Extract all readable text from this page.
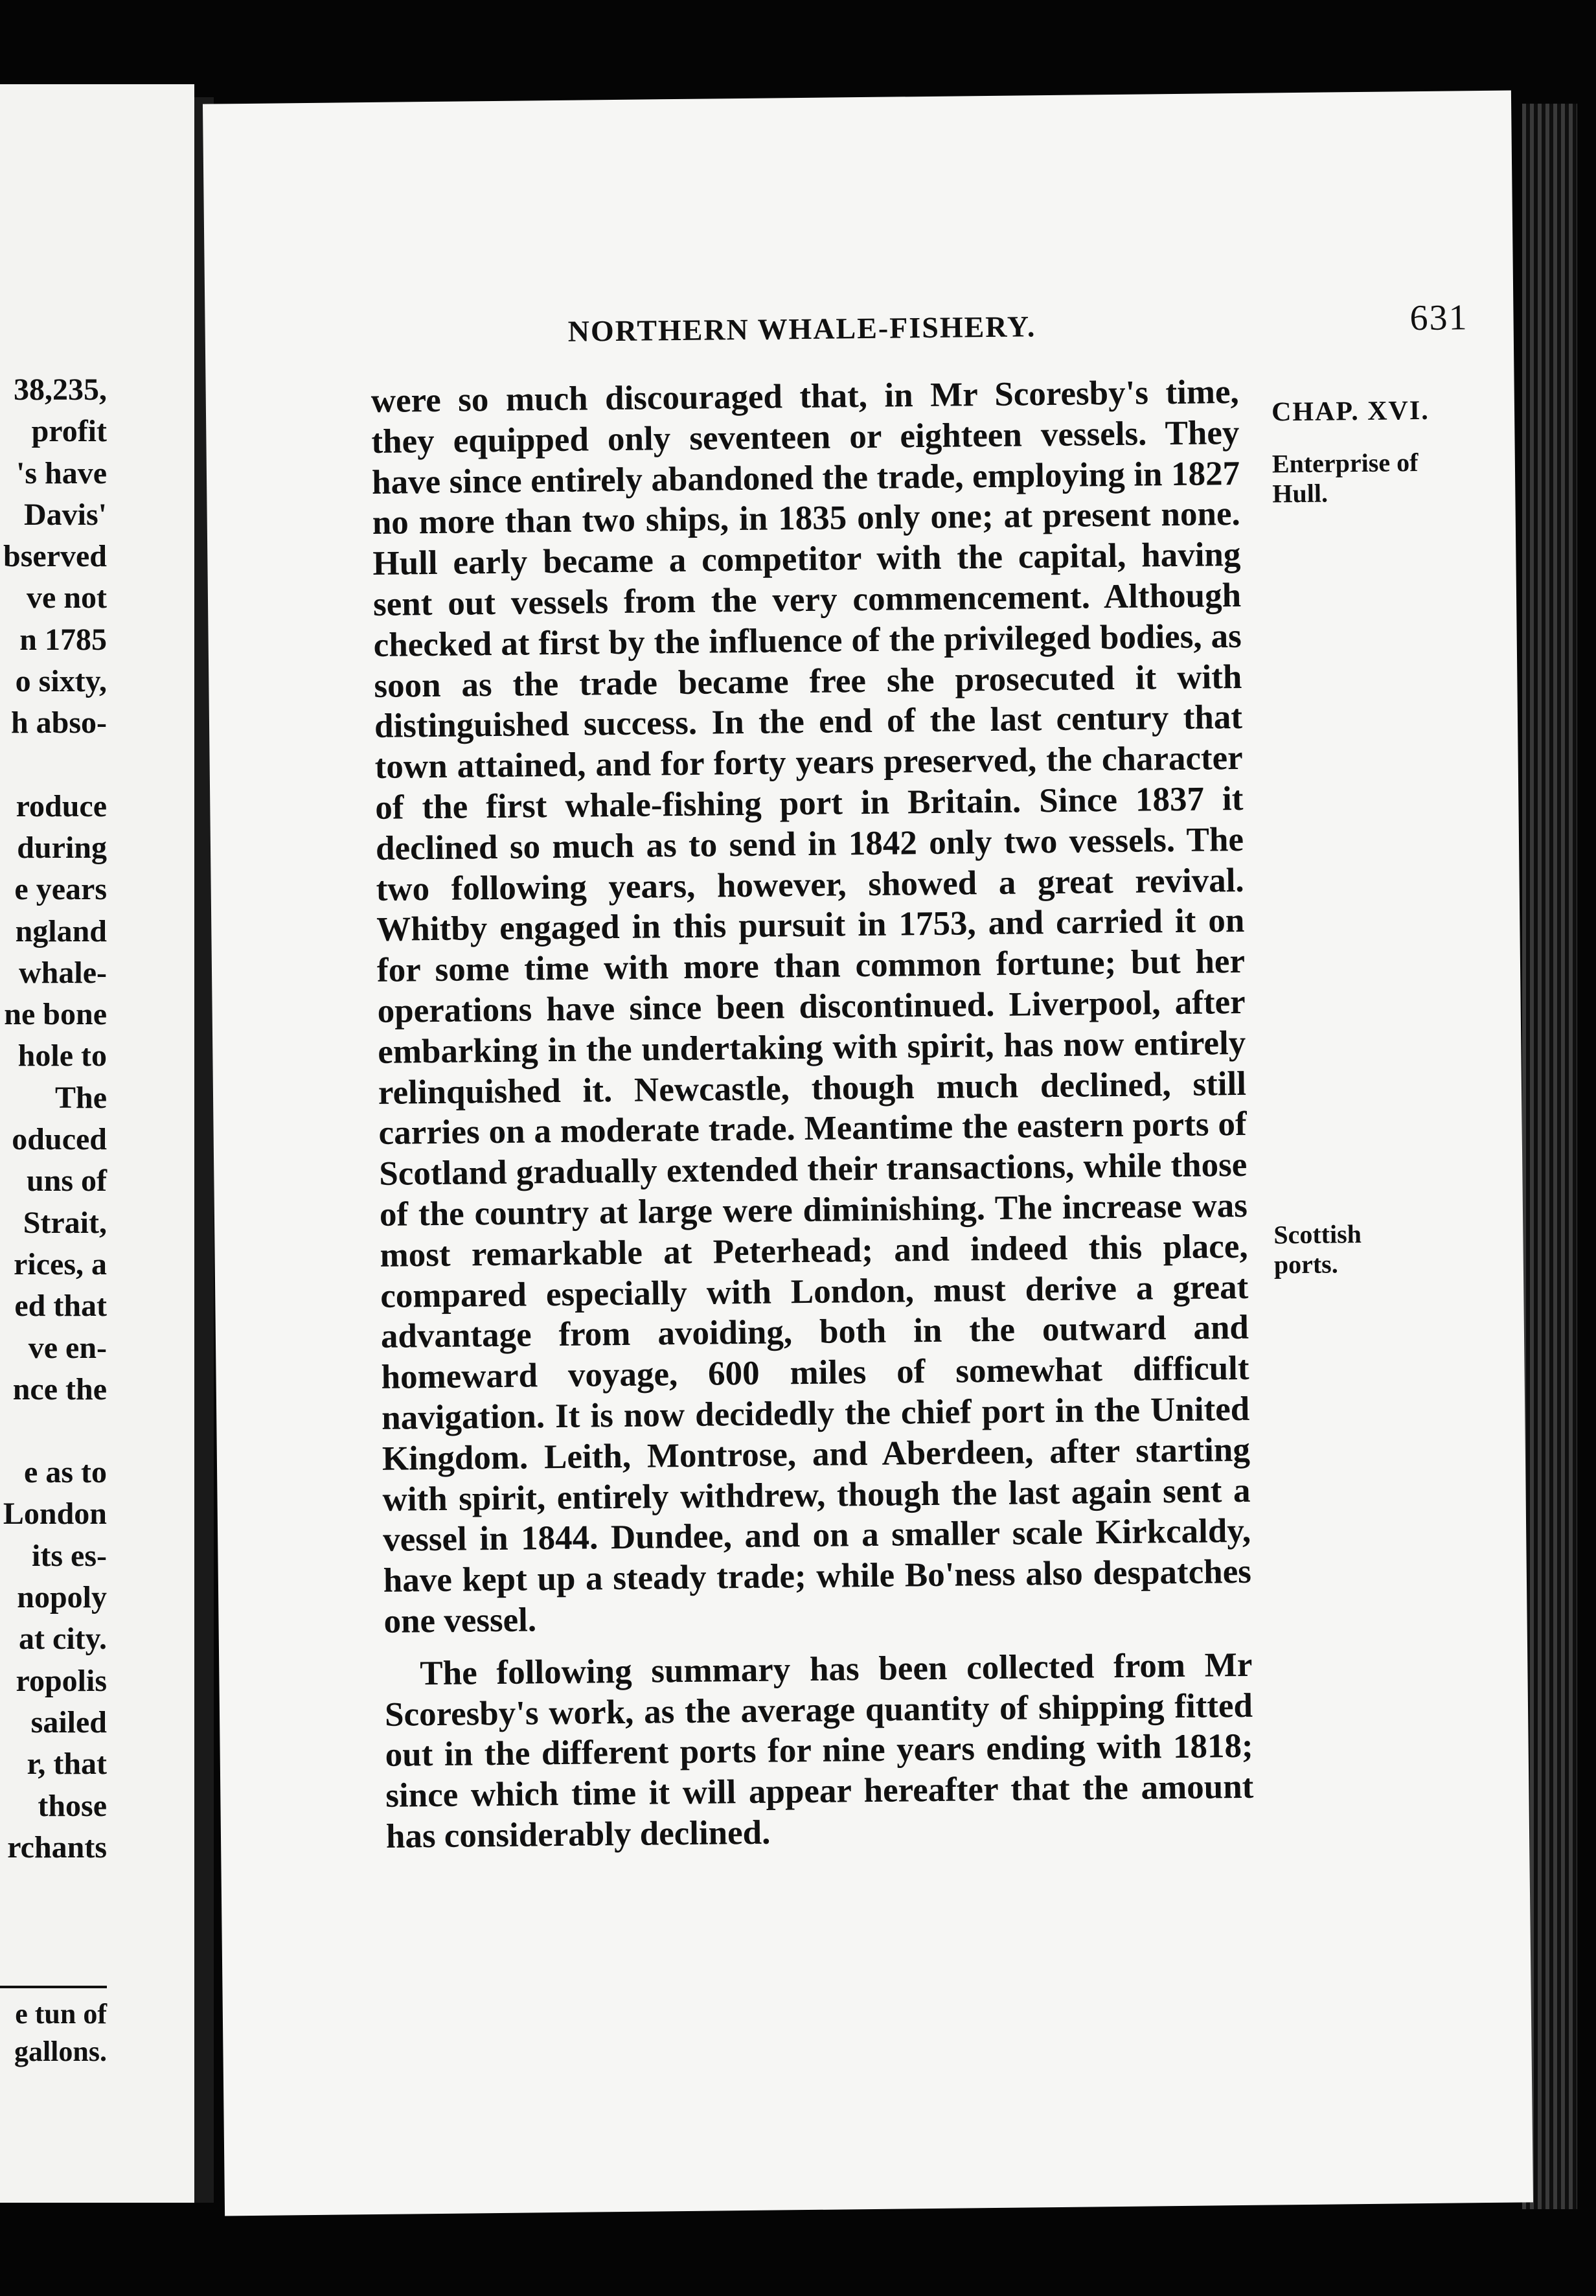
38,235,
profit
's have
Davis'
bserved
ve not
n 1785
o sixty,
h abso-
roduce
during
e years
ngland
whale-
ne bone
hole to
The
oduced
uns of
Strait,
rices, a
ed that
ve en-
nce the
e as to
London
its es-
nopoly
at city.
ropolis
sailed
r, that
those
rchants
e tun of
gallons.
NORTHERN WHALE-FISHERY.	631

were so much discouraged that, in Mr Scoresby's time, they equipped only seventeen or eighteen vessels. They have since entirely abandoned the trade, employing in 1827 no more than two ships, in 1835 only one; at present none. Hull early became a competitor with the capital, having sent out vessels from the very commencement. Although checked at first by the influence of the privileged bodies, as soon as the trade became free she prosecuted it with distinguished success. In the end of the last century that town attained, and for forty years preserved, the character of the first whale-fishing port in Britain. Since 1837 it declined so much as to send in 1842 only two vessels. The two following years, however, showed a great revival. Whitby engaged in this pursuit in 1753, and carried it on for some time with more than common fortune; but her operations have since been discontinued. Liverpool, after embarking in the undertaking with spirit, has now entirely relinquished it. Newcastle, though much declined, still carries on a moderate trade. Meantime the eastern ports of Scotland gradually extended their transactions, while those of the country at large were diminishing. The increase was most remarkable at Peterhead; and indeed this place, compared especially with London, must derive a great advantage from avoiding, both in the outward and homeward voyage, 600 miles of somewhat difficult navigation. It is now decidedly the chief port in the United Kingdom. Leith, Montrose, and Aberdeen, after starting with spirit, entirely withdrew, though the last again sent a vessel in 1844. Dundee, and on a smaller scale Kirkcaldy, have kept up a steady trade; while Bo'ness also despatches one vessel.

The following summary has been collected from Mr Scoresby's work, as the average quantity of shipping fitted out in the different ports for nine years ending with 1818; since which time it will appear hereafter that the amount has considerably declined.

CHAP. XVI.
Enterprise of
Hull.
Scottish
ports.
